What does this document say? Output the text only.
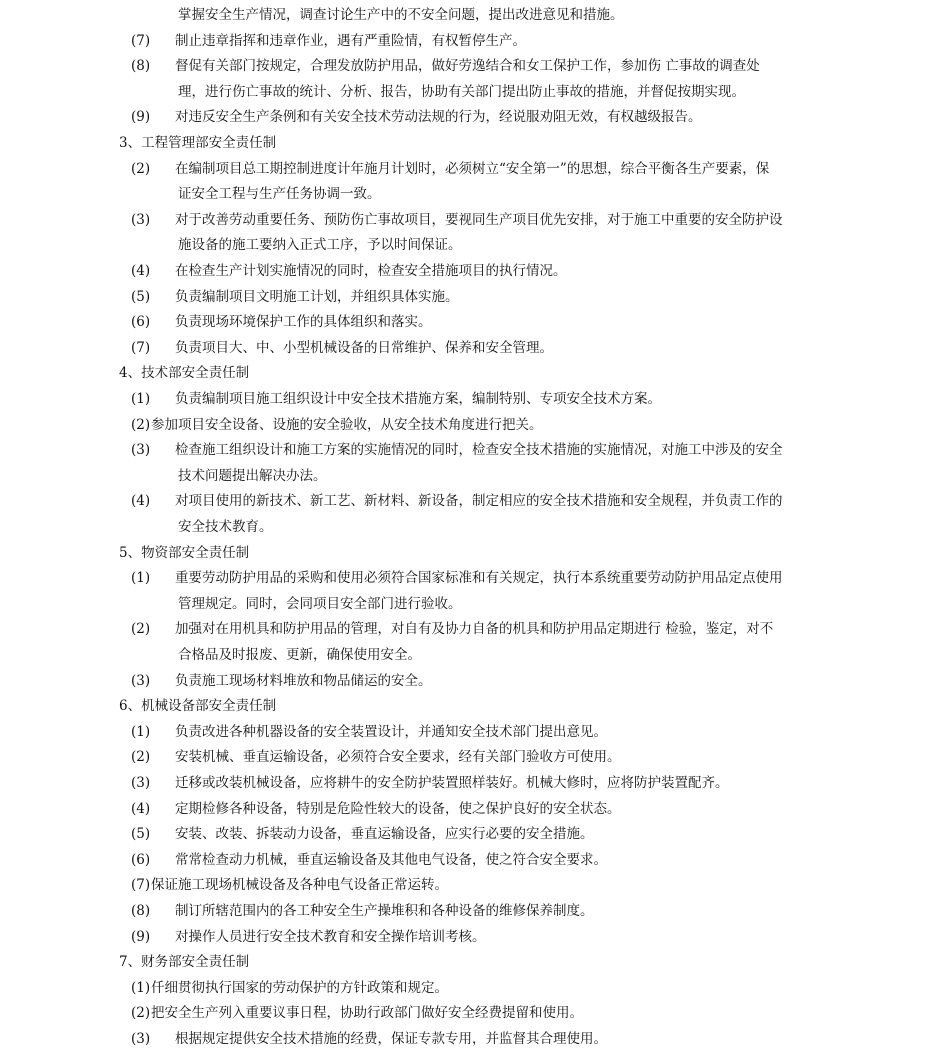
掌握安全生产情况，调查讨论生产中的不安全问题，提出改进意见和措施。
(7) 制止违章指挥和违章作业，遇有严重险情，有权暂停生产。
(8) 督促有关部门按规定，合理发放防护用品，做好劳逸结合和女工保护工作，参加伤 亡事故的调查处
理，进行伤亡事故的统计、分析、报告，协助有关部门提出防止事故的措施，并督促按期实现。
(9) 对违反安全生产条例和有关安全技术劳动法规的行为，经说服劝阻无效，有权越级报告。
3、工程管理部安全责任制
(2) 在编制项目总工期控制进度计年施月计划时，必须树立“安全第一”的思想，综合平衡各生产要素，保
证安全工程与生产任务协调一致。
(3) 对于改善劳动重要任务、预防伤亡事故项目，要视同生产项目优先安排，对于施工中重要的安全防护设
施设备的施工要纳入正式工序，予以时间保证。
(4) 在检查生产计划实施情况的同时，检查安全措施项目的执行情况。
(5) 负责编制项目文明施工计划，并组织具体实施。
(6) 负责现场环境保护工作的具体组织和落实。
(7) 负责项目大、中、小型机械设备的日常维护、保养和安全管理。
4、技术部安全责任制
(1) 负责编制项目施工组织设计中安全技术措施方案，编制特别、专项安全技术方案。
(2) 参加项目安全设备、设施的安全验收，从安全技术角度进行把关。
(3) 检查施工组织设计和施工方案的实施情况的同时，检查安全技术措施的实施情况，对施工中涉及的安全
技术问题提出解决办法。
(4) 对项目使用的新技术、新工艺、新材料、新设备，制定相应的安全技术措施和安全规程，并负责工作的
安全技术教育。
5、物资部安全责任制
(1) 重要劳动防护用品的采购和使用必须符合国家标准和有关规定，执行本系统重要劳动防护用品定点使用
管理规定。同时，会同项目安全部门进行验收。
(2) 加强对在用机具和防护用品的管理，对自有及协力自备的机具和防护用品定期进行 检验，鉴定，对不
合格品及时报废、更新，确保使用安全。
(3) 负责施工现场材料堆放和物品储运的安全。
6、机械设备部安全责任制
(1) 负责改进各种机器设备的安全装置设计，并通知安全技术部门提出意见。
(2) 安装机械、垂直运输设备，必须符合安全要求，经有关部门验收方可使用。
(3) 迁移或改装机械设备，应将耕牛的安全防护装置照样装好。机械大修时，应将防护装置配齐。
(4) 定期检修各种设备，特别是危险性较大的设备，使之保护良好的安全状态。
(5) 安装、改装、拆装动力设备，垂直运输设备，应实行必要的安全措施。
(6) 常常检查动力机械，垂直运输设备及其他电气设备，使之符合安全要求。
(7) 保证施工现场机械设备及各种电气设备正常运转。
(8) 制订所辖范围内的各工种安全生产操堆积和各种设备的维修保养制度。
(9) 对操作人员进行安全技术教育和安全操作培训考核。
7、财务部安全责任制
(1) 仟细贯彻执行国家的劳动保护的方针政策和规定。
(2) 把安全生产列入重要议事日程，协助行政部门做好安全经费提留和使用。
(3) 根据规定提供安全技术措施的经费，保证专款专用，并监督其合理使用。
